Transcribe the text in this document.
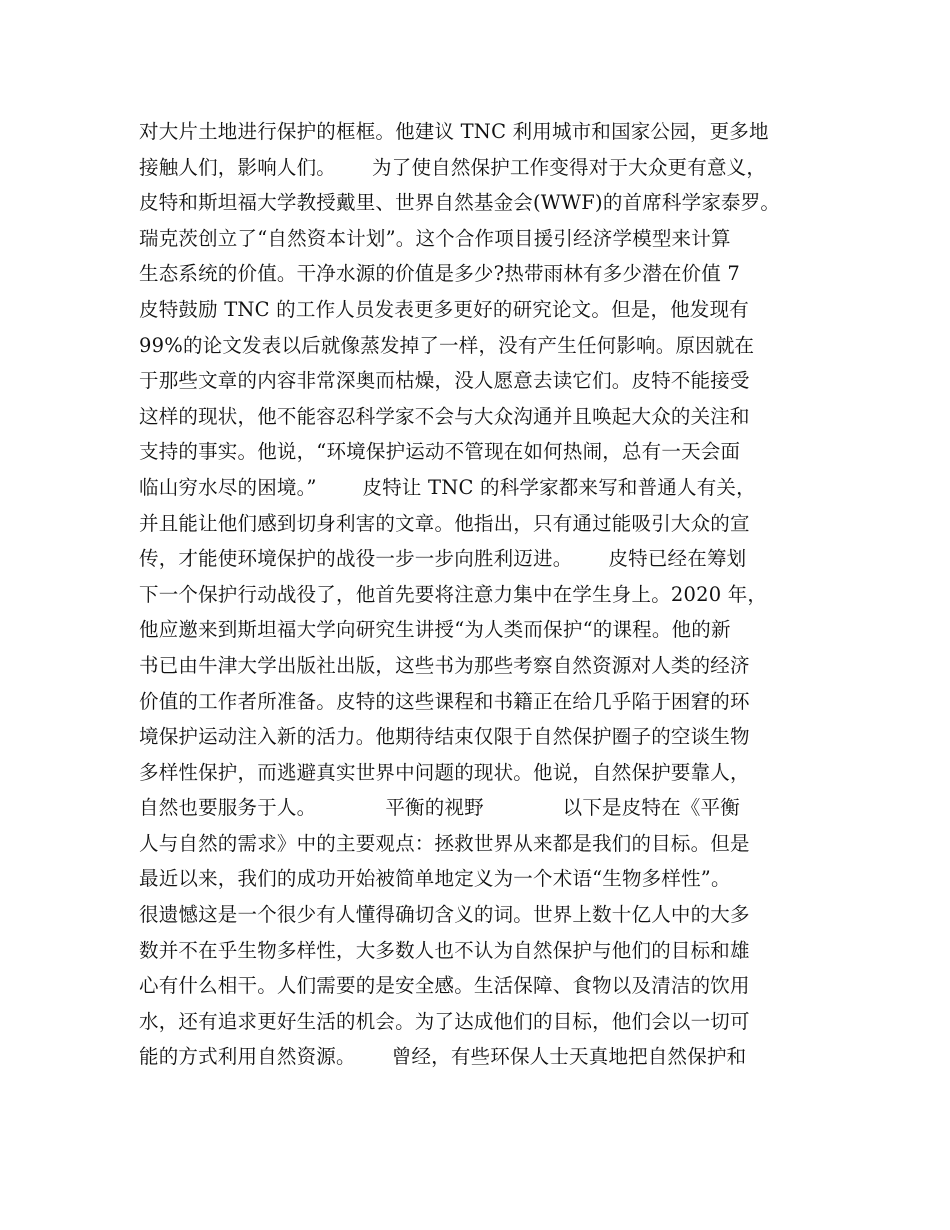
对大片土地进行保护的框框。他建议 TNC 利用城市和国家公园，更多地
接触人们，影响人们。　　 为了使自然保护工作变得对于大众更有意义，
皮特和斯坦福大学教授戴里、世界自然基金会(WWF)的首席科学家泰罗。
瑞克茨创立了“自然资本计划”。这个合作项目援引经济学模型来计算
生态系统的价值。干净水源的价值是多少?热带雨林有多少潜在价值 7
皮特鼓励 TNC 的工作人员发表更多更好的研究论文。但是，他发现有
99%的论文发表以后就像蒸发掉了一样，没有产生任何影响。原因就在
于那些文章的内容非常深奥而枯燥，没人愿意去读它们。皮特不能接受
这样的现状，他不能容忍科学家不会与大众沟通并且唤起大众的关注和
支持的事实。他说，“环境保护运动不管现在如何热闹，总有一天会面
临山穷水尽的困境。”　　 皮特让 TNC 的科学家都来写和普通人有关，
并且能让他们感到切身利害的文章。他指出，只有通过能吸引大众的宣
传，才能使环境保护的战役一步一步向胜利迈进。　　 皮特已经在筹划
下一个保护行动战役了，他首先要将注意力集中在学生身上。2020 年，
他应邀来到斯坦福大学向研究生讲授“为人类而保护“的课程。他的新
书已由牛津大学出版社出版，这些书为那些考察自然资源对人类的经济
价值的工作者所准备。皮特的这些课程和书籍正在给几乎陷于困窘的环
境保护运动注入新的活力。他期待结束仅限于自然保护圈子的空谈生物
多样性保护，而逃避真实世界中问题的现状。他说，自然保护要靠人，
自然也要服务于人。　　　　平衡的视野　　　　以下是皮特在《平衡
人与自然的需求》中的主要观点：拯救世界从来都是我们的目标。但是
最近以来，我们的成功开始被简单地定义为一个术语“生物多样性”。
很遗憾这是一个很少有人懂得确切含义的词。世界上数十亿人中的大多
数并不在乎生物多样性，大多数人也不认为自然保护与他们的目标和雄
心有什么相干。人们需要的是安全感。生活保障、食物以及清洁的饮用
水，还有追求更好生活的机会。为了达成他们的目标，他们会以一切可
能的方式利用自然资源。　　 曾经，有些环保人士天真地把自然保护和
